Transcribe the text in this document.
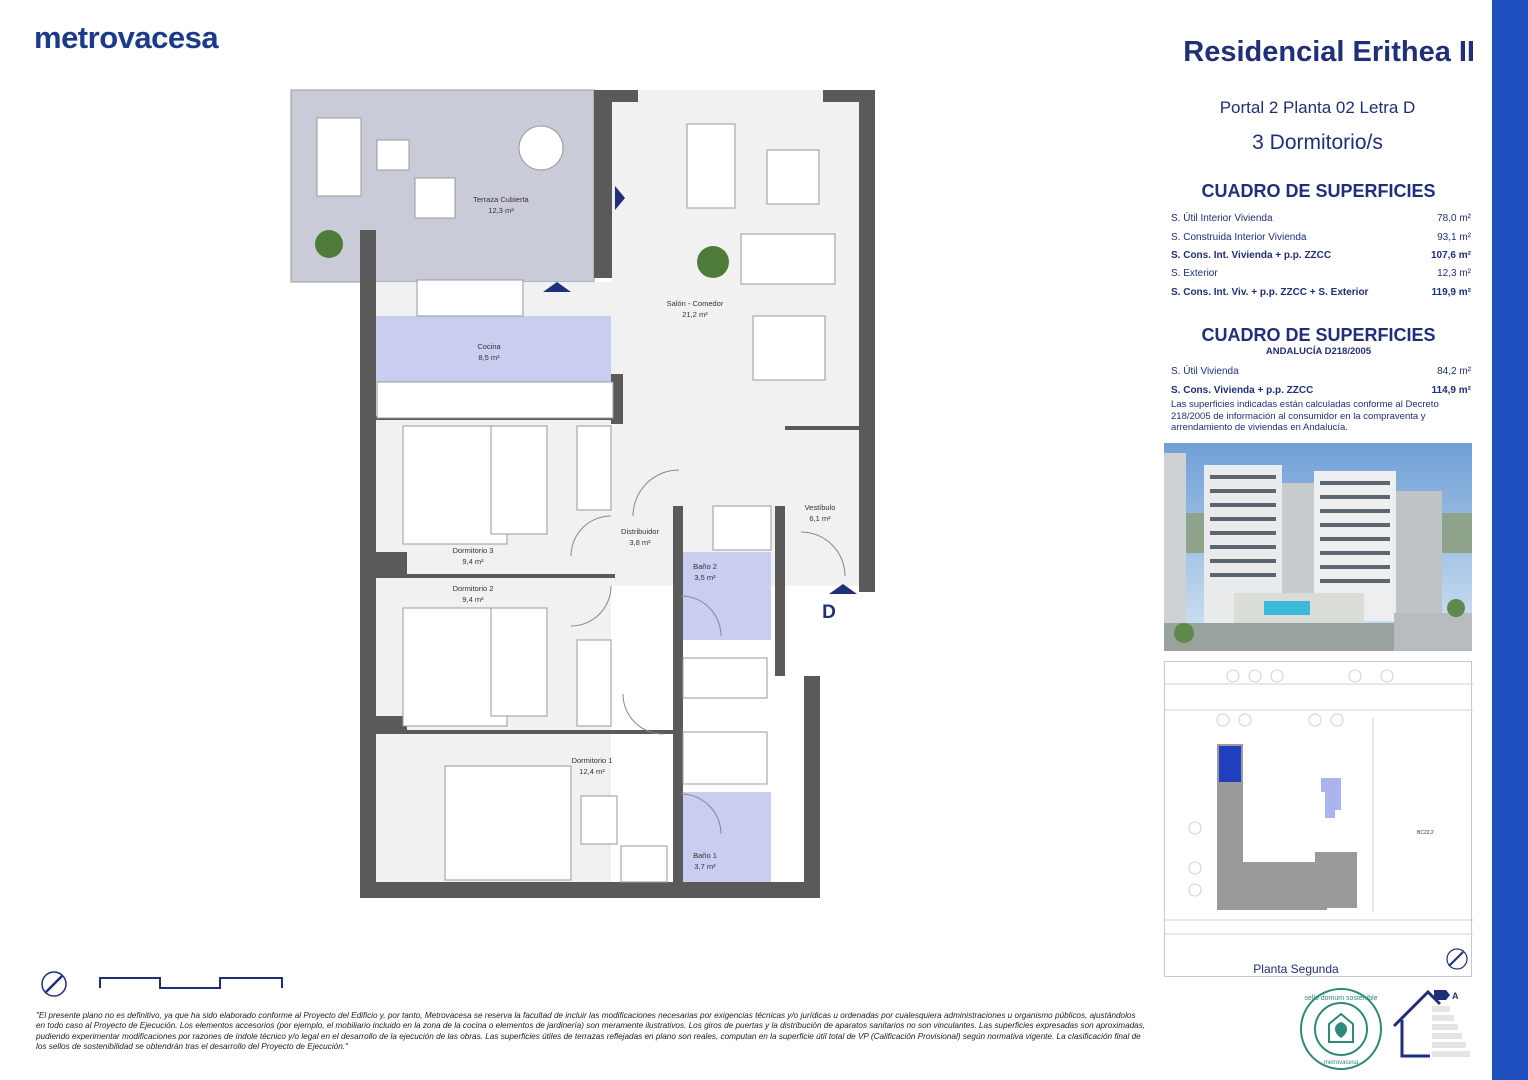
metrovacesa	Residencial Erithea II
Portal 2 Planta 02 Letra D
3 Dormitorio/s
CUADRO DE SUPERFICIES
S. Útil Interior Vivienda	78,0 m²
S. Construida Interior Vivienda	93,1 m²
S. Cons. Int. Vivienda + p.p. ZZCC	107,6 m²
S. Exterior	12,3 m²
S. Cons. Int. Viv. + p.p. ZZCC + S. Exterior	119,9 m²
CUADRO DE SUPERFICIES
ANDALUCÍA D218/2005
S. Útil Vivienda	84,2 m²
S. Cons. Vivienda + p.p. ZZCC	114,9 m²
Las superficies indicadas están calculadas conforme al Decreto 218/2005 de información al consumidor en la compraventa y arrendamiento de viviendas en Andalucía.
BC22.2
Planta Segunda
Terraza Cubierta
12,3 m²
Salón - Comedor
21,2 m²
Cocina
8,5 m²
Distribuidor
3,8 m²
Vestíbulo
6,1 m²
Dormitorio 3
9,4 m²
Dormitorio 2
9,4 m²
Baño 2
3,5 m²
Dormitorio 1
12,4 m²
Baño 1
3,7 m²
D
"El presente plano no es definitivo, ya que ha sido elaborado conforme al Proyecto del Edificio y, por tanto, Metrovacesa se reserva la facultad de incluir las modificaciones necesarias por exigencias técnicas y/o jurídicas u ordenadas por cualesquiera administraciones u organismo públicos, ajustándolos en todo caso al Proyecto de Ejecución. Los elementos accesorios (por ejemplo, el mobiliario incluido en la zona de la cocina o elementos de jardinería) son meramente ilustrativos. Los giros de puertas y la distribución de aparatos sanitarios no son vinculantes. Las superficies expresadas son aproximadas, pudiendo experimentar modificaciones por razones de índole técnico y/o legal en el desarrollo de la ejecución de las obras. Las superficies útiles de terrazas reflejadas en plano son reales, computan en la superficie útil total de VP (Calificación Provisional) según normativa vigente. La clasificación final de los sellos de sostenibilidad se obtendrán tras el desarrollo del Proyecto de Ejecución."
sello domum sostenible
metrovacesa
A
